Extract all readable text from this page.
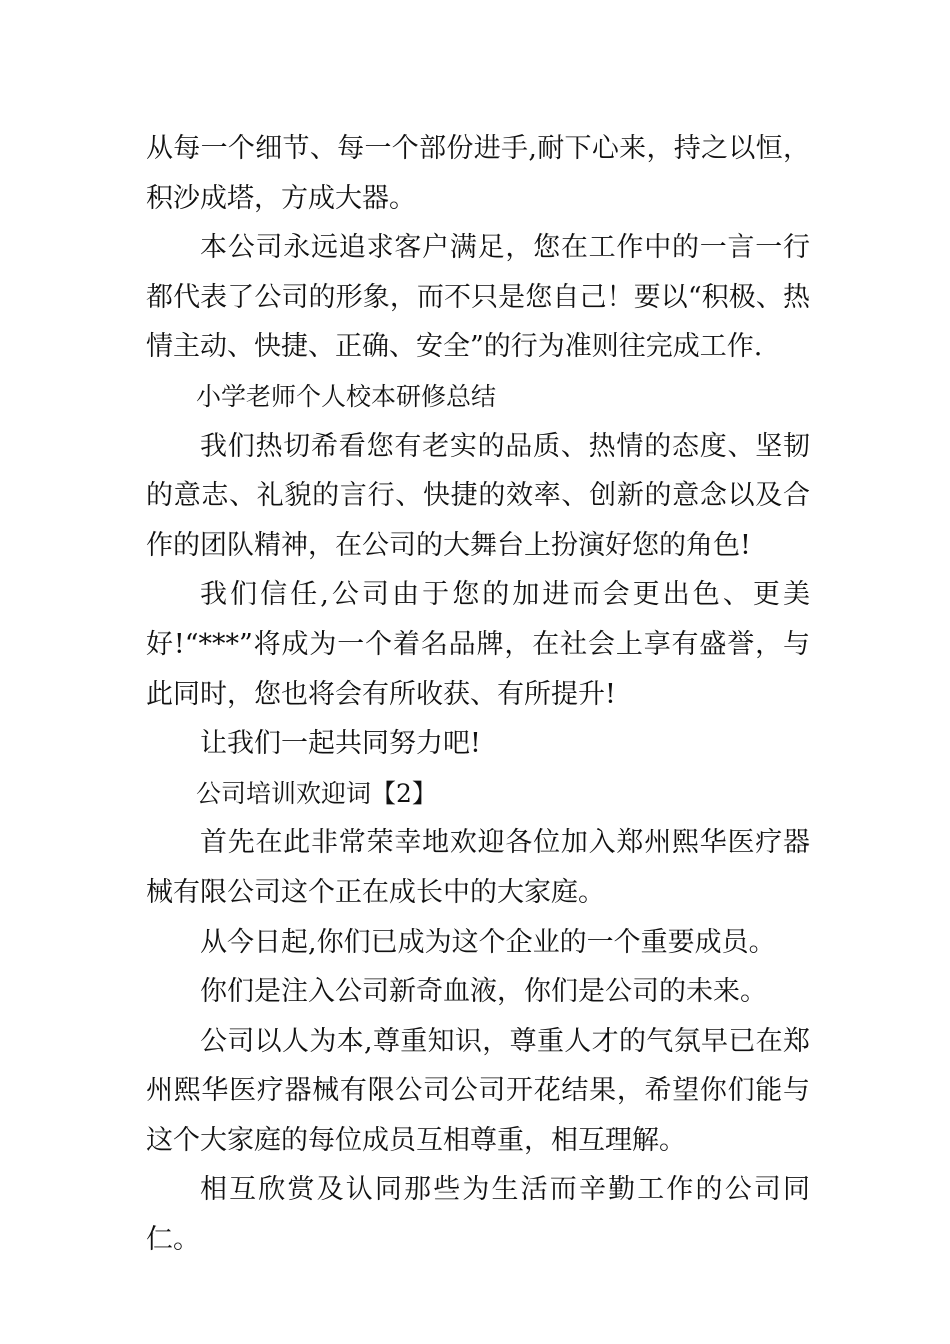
从每一个细节、每一个部份进手,耐下心来，持之以恒，积沙成塔，方成大器。

本公司永远追求客户满足，您在工作中的一言一行都代表了公司的形象，而不只是您自己！要以“积极、热情主动、快捷、正确、安全”的行为准则往完成工作.

小学老师个人校本研修总结

我们热切希看您有老实的品质、热情的态度、坚韧的意志、礼貌的言行、快捷的效率、创新的意念以及合作的团队精神，在公司的大舞台上扮演好您的角色!

我们信任,公司由于您的加进而会更出色、更美好!“***”将成为一个着名品牌，在社会上享有盛誉，与此同时，您也将会有所收获、有所提升!

让我们一起共同努力吧!

公司培训欢迎词【2】

首先在此非常荣幸地欢迎各位加入郑州熙华医疗器械有限公司这个正在成长中的大家庭。

从今日起,你们已成为这个企业的一个重要成员。

你们是注入公司新奇血液，你们是公司的未来。

公司以人为本,尊重知识，尊重人才的气氛早已在郑州熙华医疗器械有限公司公司开花结果，希望你们能与这个大家庭的每位成员互相尊重，相互理解。

相互欣赏及认同那些为生活而辛勤工作的公司同仁。
